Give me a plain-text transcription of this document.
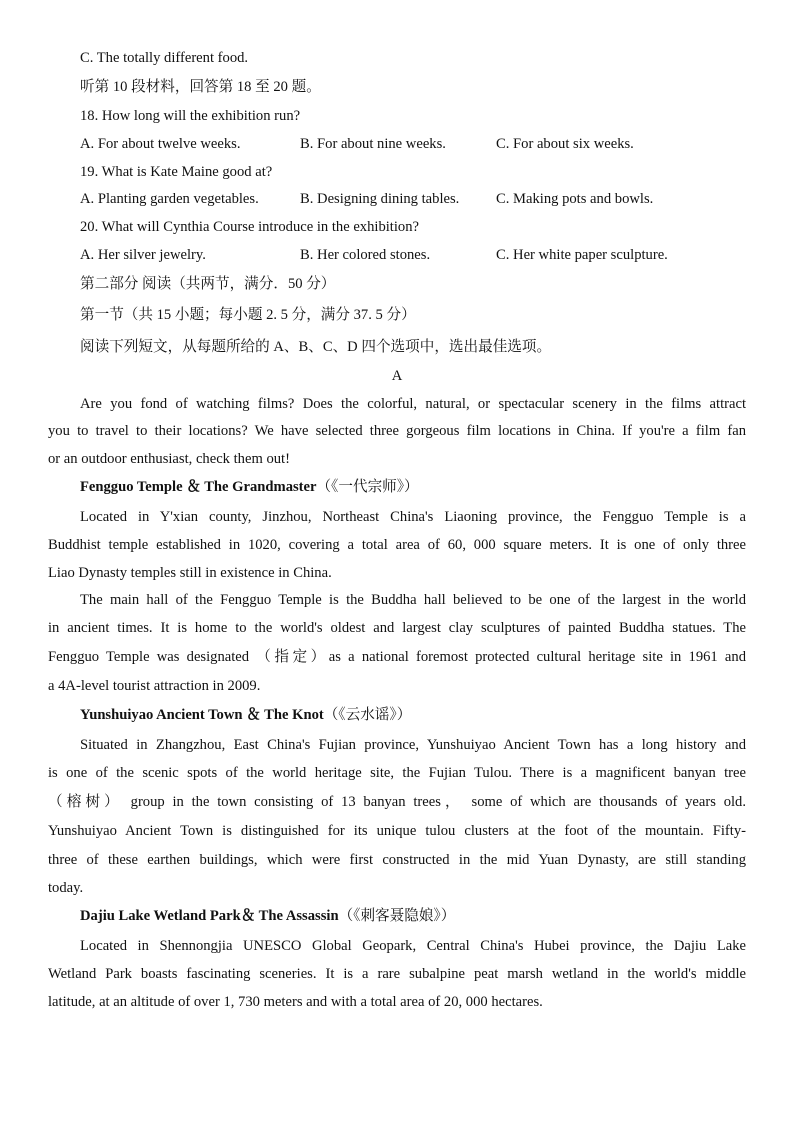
C. The totally different food.
听第 10 段材料，回答第 18 至 20 题。
18. How long will the exhibition run?
A. For about twelve weeks.	B. For about nine weeks.	C. For about six weeks.
19. What is Kate Maine good at?
A. Planting garden vegetables.	B. Designing dining tables.	C. Making pots and bowls.
20. What will Cynthia Course introduce in the exhibition?
A. Her silver jewelry.	B. Her colored stones.	C. Her white paper sculpture.
第二部分 阅读（共两节，满分．50 分）
第一节（共 15 小题；每小题 2. 5 分，满分 37. 5 分）
阅读下列短文，从每题所给的 A、B、C、D 四个选项中，选出最佳选项。
A
Are you fond of watching films? Does the colorful, natural, or spectacular scenery in the films attract
you to travel to their locations? We have selected three gorgeous film locations in China. If you're a film fan
or an outdoor enthusiast, check them out!
Fengguo Temple ＆ The Grandmaster（《一代宗师》）
Located in Y'xian county, Jinzhou, Northeast China's Liaoning province, the Fengguo Temple is a
Buddhist temple established in 1020, covering a total area of 60, 000 square meters. It is one of only three
Liao Dynasty temples still in existence in China.
The main hall of the Fengguo Temple is the Buddha hall believed to be one of the largest in the world
in ancient times. It is home to the world's oldest and largest clay sculptures of painted Buddha statues. The
Fengguo Temple was designated （指定）as a national foremost protected cultural heritage site in 1961 and
a 4A-level tourist attraction in 2009.
Yunshuiyao Ancient Town ＆ The Knot（《云水谣》）
Situated in Zhangzhou, East China's Fujian province, Yunshuiyao Ancient Town has a long history and
is one of the scenic spots of the world heritage site, the Fujian Tulou. There is a magnificent banyan tree
（榕树） group in the town consisting of 13 banyan trees， some of which are thousands of years old.
Yunshuiyao Ancient Town is distinguished for its unique tulou clusters at the foot of the mountain. Fifty-
three of these earthen buildings, which were first constructed in the mid Yuan Dynasty, are still standing
today.
Dajiu Lake Wetland Park＆ The Assassin（《刺客聂隐娘》）
Located in Shennongjia UNESCO Global Geopark, Central China's Hubei province, the Dajiu Lake
Wetland Park boasts fascinating sceneries. It is a rare subalpine peat marsh wetland in the world's middle
latitude, at an altitude of over 1, 730 meters and with a total area of 20, 000 hectares.
